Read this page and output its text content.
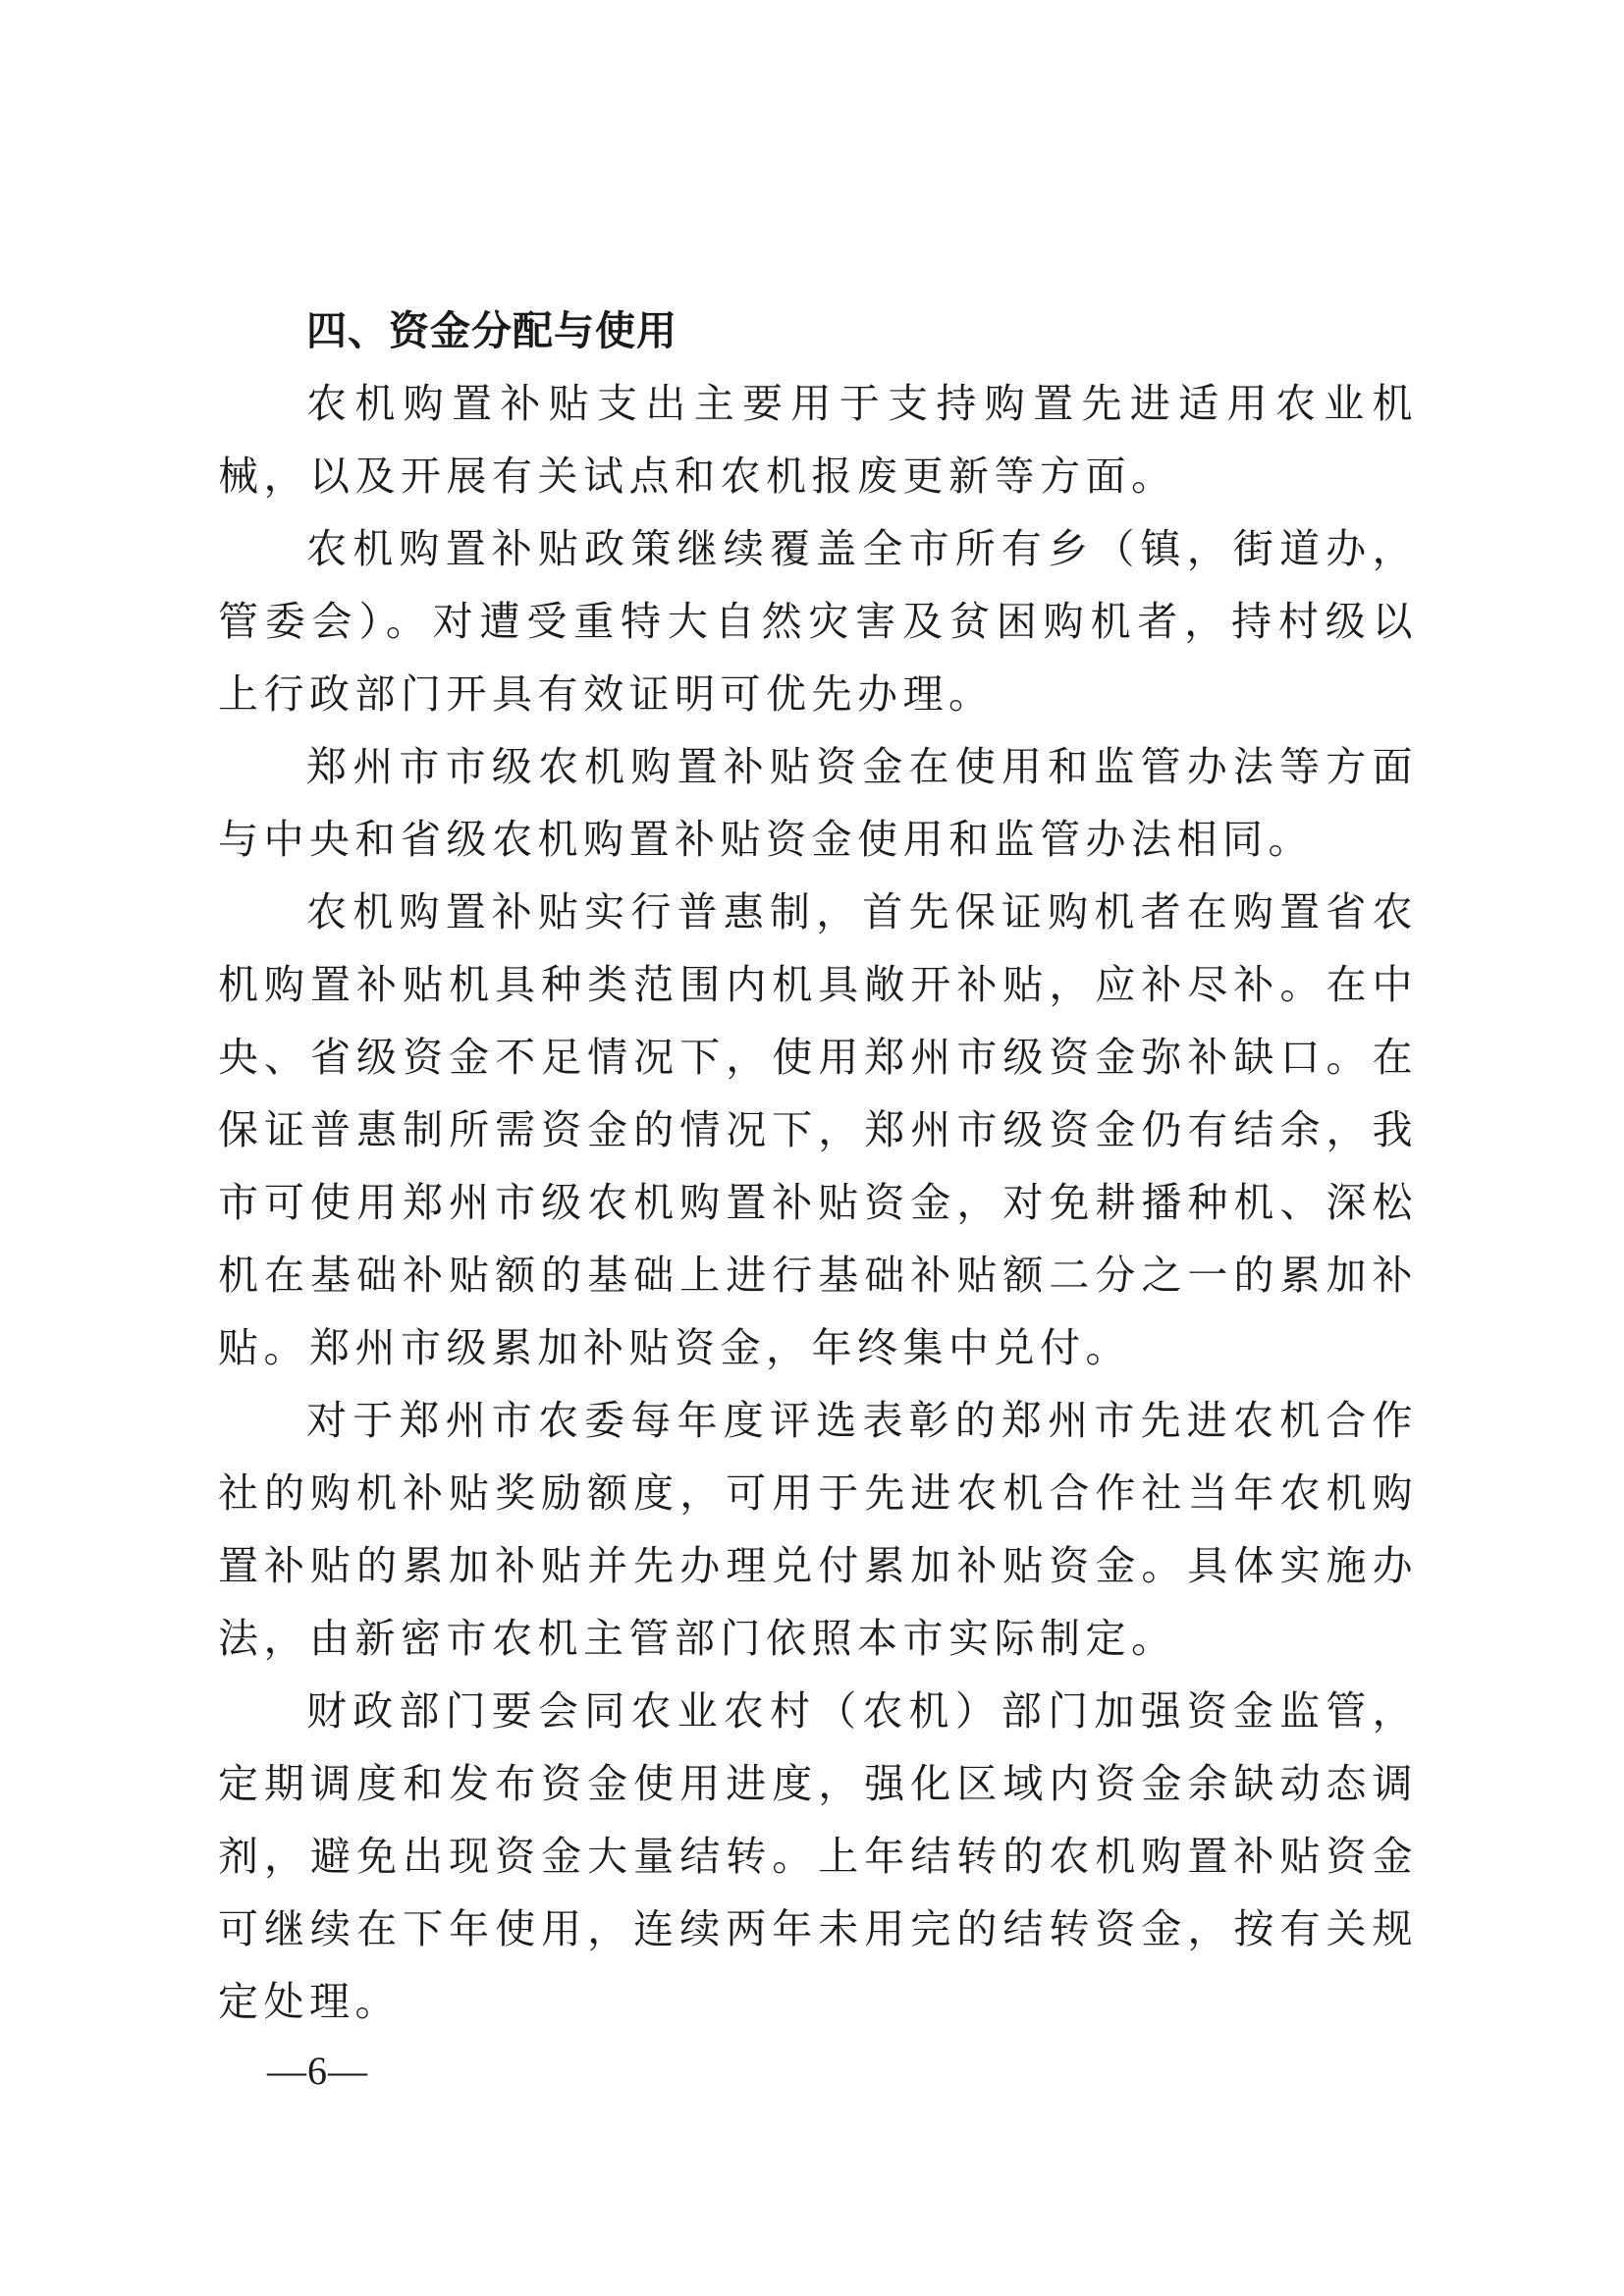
四、资金分配与使用

农机购置补贴支出主要用于支持购置先进适用农业机械，以及开展有关试点和农机报废更新等方面。

农机购置补贴政策继续覆盖全市所有乡（镇，街道办，管委会）。对遭受重特大自然灾害及贫困购机者，持村级以上行政部门开具有效证明可优先办理。

郑州市市级农机购置补贴资金在使用和监管办法等方面与中央和省级农机购置补贴资金使用和监管办法相同。

农机购置补贴实行普惠制，首先保证购机者在购置省农机购置补贴机具种类范围内机具敞开补贴，应补尽补。在中央、省级资金不足情况下，使用郑州市级资金弥补缺口。在保证普惠制所需资金的情况下，郑州市级资金仍有结余，我市可使用郑州市级农机购置补贴资金，对免耕播种机、深松机在基础补贴额的基础上进行基础补贴额二分之一的累加补贴。郑州市级累加补贴资金，年终集中兑付。

对于郑州市农委每年度评选表彰的郑州市先进农机合作社的购机补贴奖励额度，可用于先进农机合作社当年农机购置补贴的累加补贴并先办理兑付累加补贴资金。具体实施办法，由新密市农机主管部门依照本市实际制定。

财政部门要会同农业农村（农机）部门加强资金监管，定期调度和发布资金使用进度，强化区域内资金余缺动态调剂，避免出现资金大量结转。上年结转的农机购置补贴资金可继续在下年使用，连续两年未用完的结转资金，按有关规定处理。

—6—
